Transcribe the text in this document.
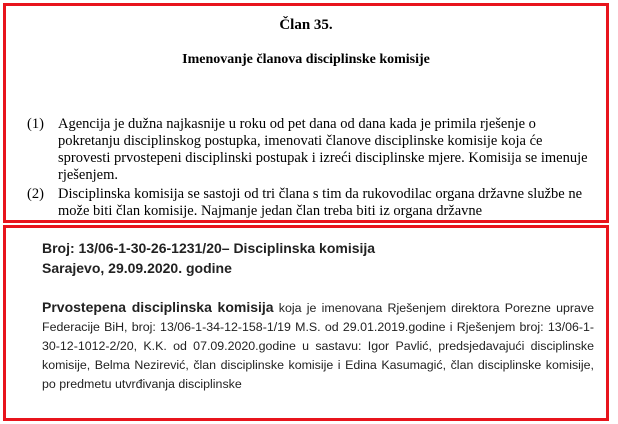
Član 35.

Imenovanje članova disciplinske komisije

(1) Agencija je dužna najkasnije u roku od pet dana od dana kada je primila rješenje o pokretanju disciplinskog postupka, imenovati članove disciplinske komisije koja će sprovesti prvostepeni disciplinski postupak i izreći disciplinske mjere. Komisija se imenuje rješenjem.
(2) Disciplinska komisija se sastoji od tri člana s tim da rukovodilac organa državne službe ne može biti član komisije. Najmanje jedan član treba biti iz organa državne
Broj: 13/06-1-30-26-1231/20– Disciplinska komisija
Sarajevo, 29.09.2020. godine
Prvostepena disciplinska komisija koja je imenovana Rješenjem direktora Porezne uprave Federacije BiH, broj: 13/06-1-34-12-158-1/19 M.S. od 29.01.2019.godine i Rješenjem broj: 13/06-1-30-12-1012-2/20, K.K. od 07.09.2020.godine u sastavu: Igor Pavlić, predsjedavajući disciplinske komisije, Belma Nezirević, član disciplinske komisije i Edina Kasumagić, član disciplinske komisije, po predmetu utvrđivanja disciplinske
